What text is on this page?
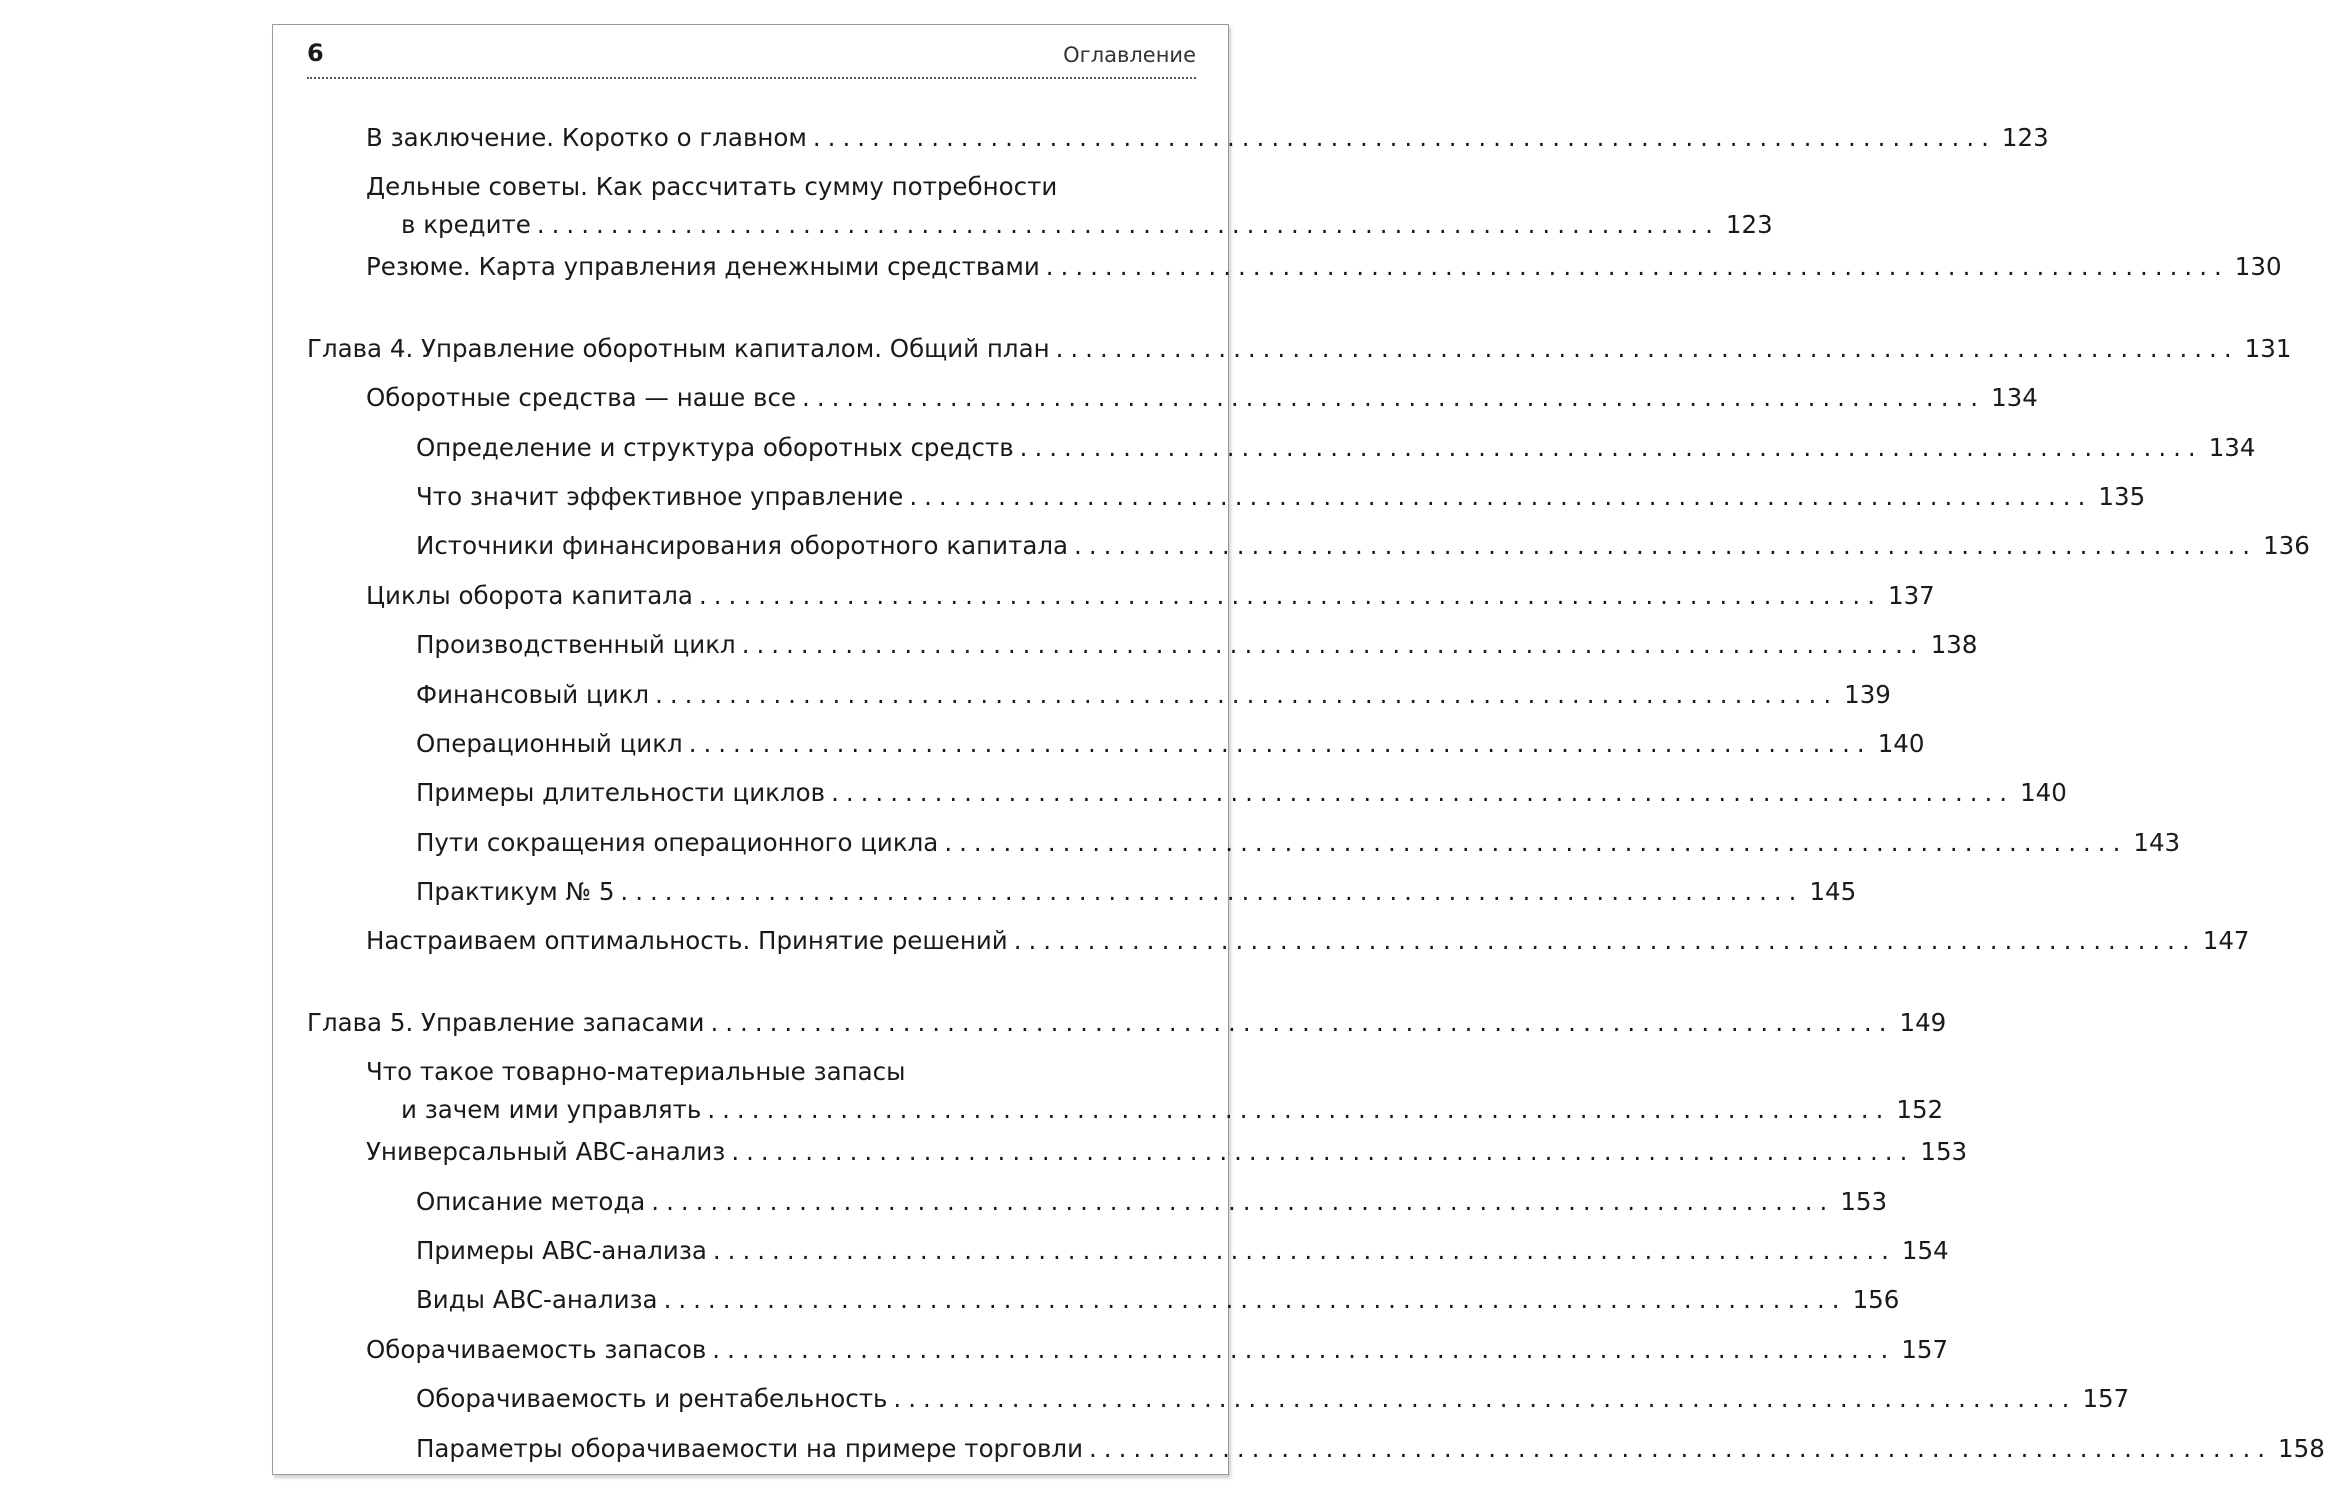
6	Оглавление
В заключение. Коротко о главном ................................................................................ 123
Дельные советы. Как рассчитать сумму потребности
в кредите ................................................................................ 123
Резюме. Карта управления денежными средствами ................................................................................ 130
Глава 4. Управление оборотным капиталом. Общий план ................................................................................ 131
Оборотные средства — наше все ................................................................................ 134
Определение и структура оборотных средств ................................................................................ 134
Что значит эффективное управление ................................................................................ 135
Источники финансирования оборотного капитала ................................................................................ 136
Циклы оборота капитала ................................................................................ 137
Производственный цикл ................................................................................ 138
Финансовый цикл ................................................................................ 139
Операционный цикл ................................................................................ 140
Примеры длительности циклов ................................................................................ 140
Пути сокращения операционного цикла ................................................................................ 143
Практикум № 5 ................................................................................ 145
Настраиваем оптимальность. Принятие решений ................................................................................ 147
Глава 5. Управление запасами ................................................................................ 149
Что такое товарно-материальные запасы
и зачем ими управлять ................................................................................ 152
Универсальный ABC-анализ ................................................................................ 153
Описание метода ................................................................................ 153
Примеры ABC-анализа ................................................................................ 154
Виды ABC-анализа ................................................................................ 156
Оборачиваемость запасов ................................................................................ 157
Оборачиваемость и рентабельность ................................................................................ 157
Параметры оборачиваемости на примере торговли ................................................................................ 158
